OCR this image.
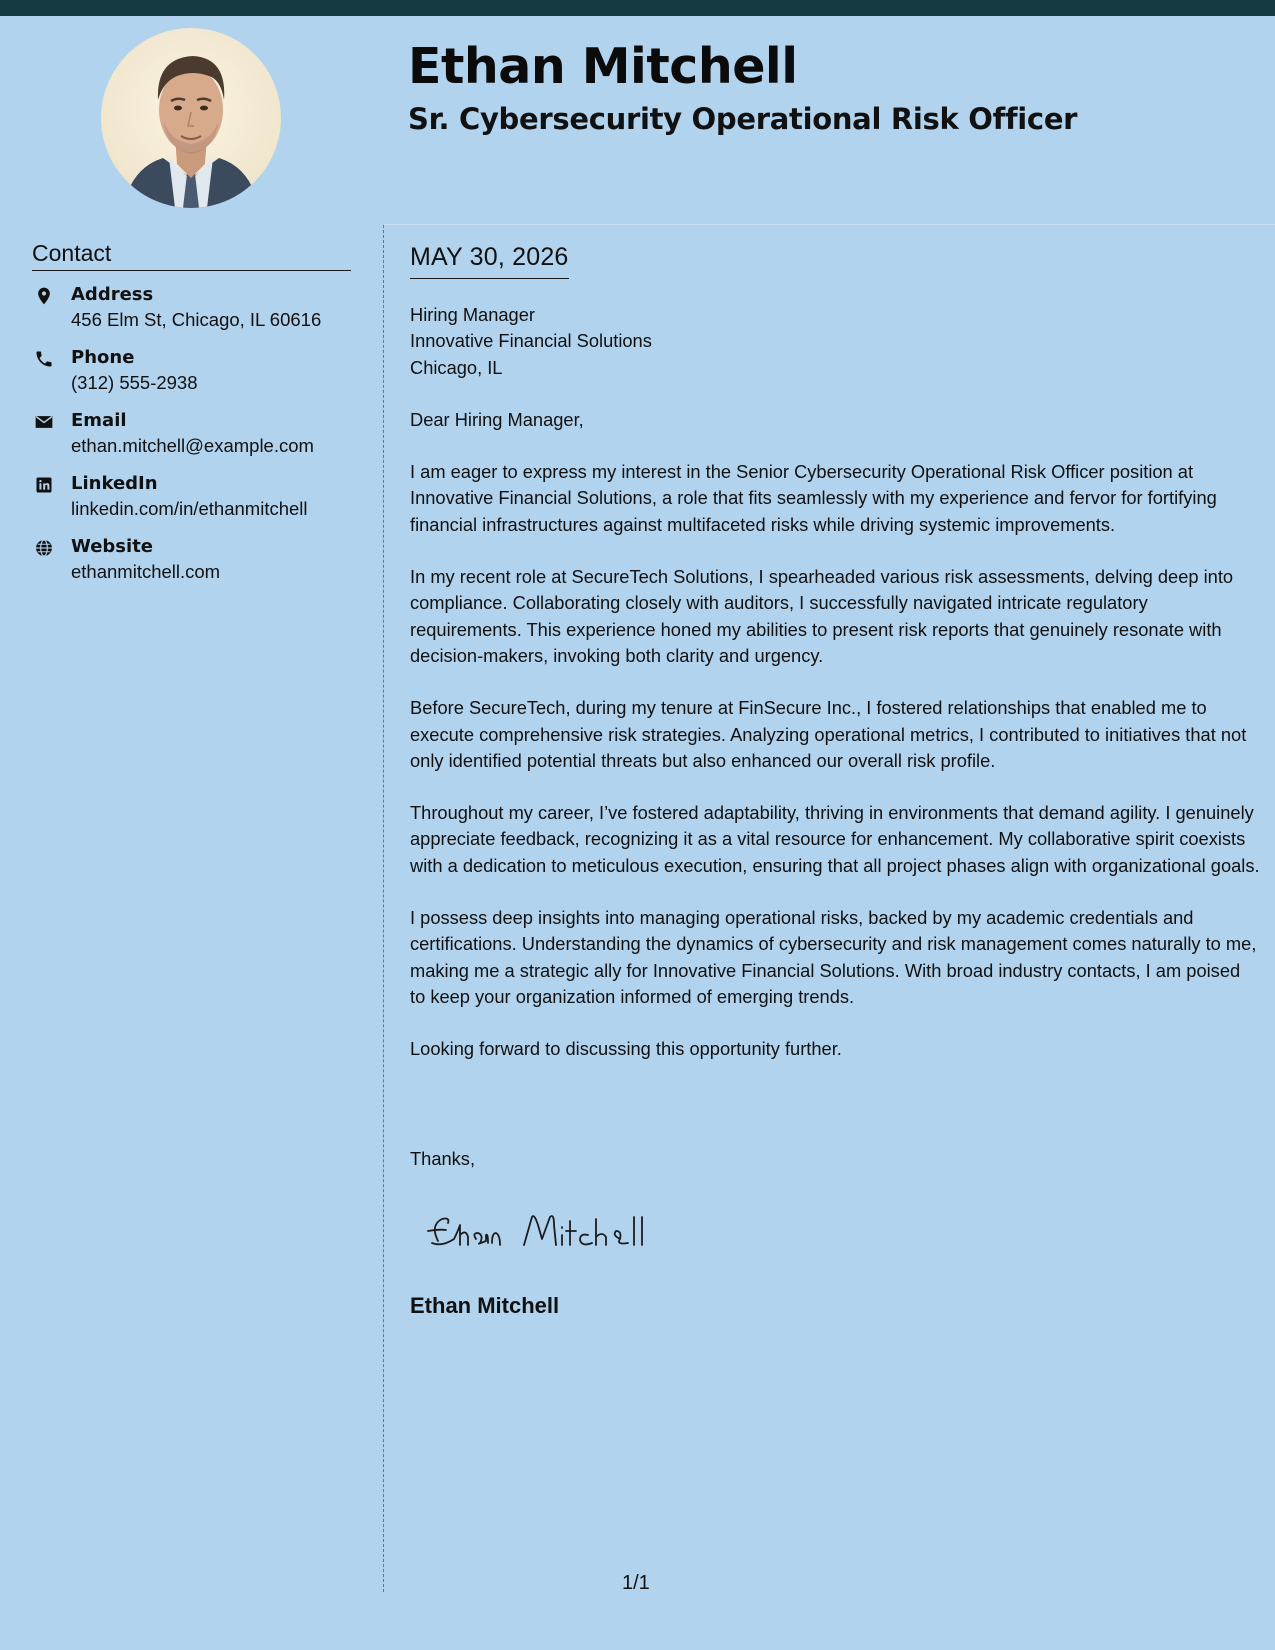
Ethan Mitchell
Sr. Cybersecurity Operational Risk Officer
Contact
Address
456 Elm St, Chicago, IL 60616
Phone
(312) 555-2938
Email
ethan.mitchell@example.com
LinkedIn
linkedin.com/in/ethanmitchell
Website
ethanmitchell.com
MAY 30, 2026

Hiring Manager
Innovative Financial Solutions
Chicago, IL

Dear Hiring Manager,

I am eager to express my interest in the Senior Cybersecurity Operational Risk Officer position at Innovative Financial Solutions, a role that fits seamlessly with my experience and fervor for fortifying financial infrastructures against multifaceted risks while driving systemic improvements.

In my recent role at SecureTech Solutions, I spearheaded various risk assessments, delving deep into compliance. Collaborating closely with auditors, I successfully navigated intricate regulatory requirements. This experience honed my abilities to present risk reports that genuinely resonate with decision-makers, invoking both clarity and urgency.

Before SecureTech, during my tenure at FinSecure Inc., I fostered relationships that enabled me to execute comprehensive risk strategies. Analyzing operational metrics, I contributed to initiatives that not only identified potential threats but also enhanced our overall risk profile.

Throughout my career, I’ve fostered adaptability, thriving in environments that demand agility. I genuinely appreciate feedback, recognizing it as a vital resource for enhancement. My collaborative spirit coexists with a dedication to meticulous execution, ensuring that all project phases align with organizational goals.

I possess deep insights into managing operational risks, backed by my academic credentials and certifications. Understanding the dynamics of cybersecurity and risk management comes naturally to me, making me a strategic ally for Innovative Financial Solutions. With broad industry contacts, I am poised to keep your organization informed of emerging trends.

Looking forward to discussing this opportunity further.

Thanks,

Ethan Mitchell

1/1
